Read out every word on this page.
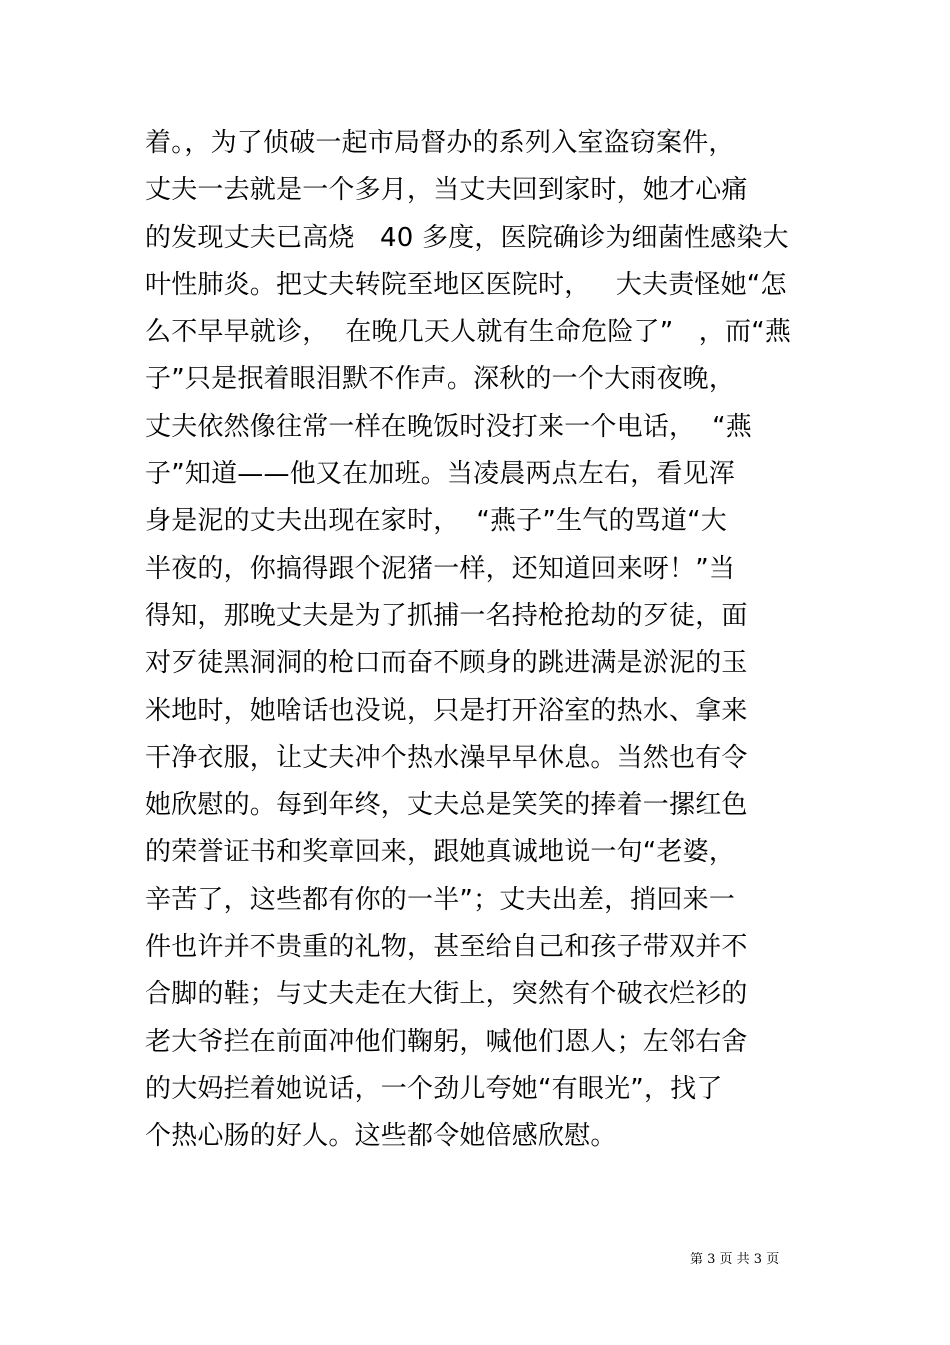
着。，为了侦破一起市局督办的系列入室盗窃案件，
丈夫一去就是一个多月，当丈夫回到家时，她才心痛
的发现丈夫已高烧   40 多度，医院确诊为细菌性感染大
叶性肺炎。把丈夫转院至地区医院时，   大夫责怪她“怎
么不早早就诊，  在晚几天人就有生命危险了”   ，而“燕
子”只是抿着眼泪默不作声。深秋的一个大雨夜晚，
丈夫依然像往常一样在晚饭时没打来一个电话，  “燕
子”知道——他又在加班。当凌晨两点左右，看见浑
身是泥的丈夫出现在家时，  “燕子”生气的骂道“大
半夜的，你搞得跟个泥猪一样，还知道回来呀！”当
得知，那晚丈夫是为了抓捕一名持枪抢劫的歹徒，面
对歹徒黑洞洞的枪口而奋不顾身的跳进满是淤泥的玉
米地时，她啥话也没说，只是打开浴室的热水、拿来
干净衣服，让丈夫冲个热水澡早早休息。当然也有令
她欣慰的。每到年终，丈夫总是笑笑的捧着一摞红色
的荣誉证书和奖章回来，跟她真诚地说一句“老婆，
辛苦了，这些都有你的一半”；丈夫出差，捎回来一
件也许并不贵重的礼物，甚至给自己和孩子带双并不
合脚的鞋；与丈夫走在大街上，突然有个破衣烂衫的
老大爷拦在前面冲他们鞠躬，喊他们恩人；左邻右舍
的大妈拦着她说话，一个劲儿夸她“有眼光”，找了
个热心肠的好人。这些都令她倍感欣慰。
第 3 页 共 3 页
